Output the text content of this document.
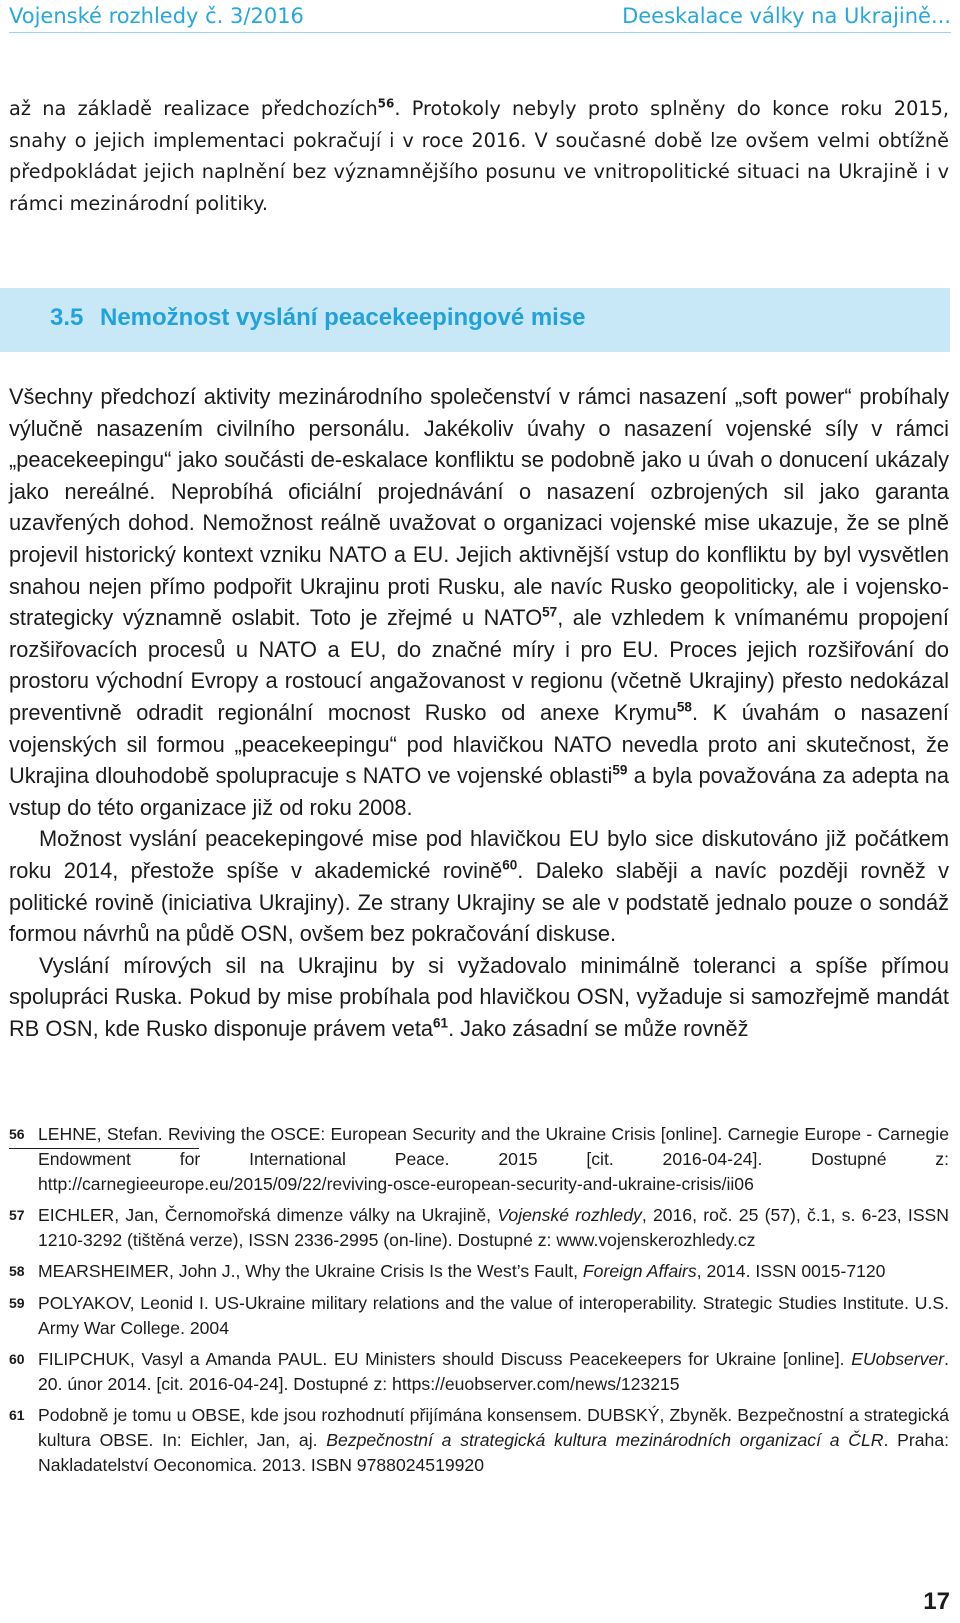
Vojenské rozhledy č. 3/2016	Deeskalace války na Ukrajině...

až na základě realizace předchozích$^{56}$. Protokoly nebyly proto splněny do konce roku 2015, snahy o jejich implementaci pokračují i v roce 2016. V současné době lze ovšem velmi obtížně předpokládat jejich naplnění bez významnějšího posunu ve vnitropolitické situaci na Ukrajině i v rámci mezinárodní politiky.

3.5 Nemožnost vyslání peacekeepingové mise

Všechny předchozí aktivity mezinárodního společenství v rámci nasazení „soft power“ probíhaly výlučně nasazením civilního personálu. Jakékoliv úvahy o nasazení vojenské síly v rámci „peacekeepingu“ jako součásti de-eskalace konfliktu se podobně jako u úvah o donucení ukázaly jako nereálné. Neprobíhá oficiální projednávání o nasazení ozbrojených sil jako garanta uzavřených dohod. Nemožnost reálně uvažovat o organizaci vojenské mise ukazuje, že se plně projevil historický kontext vzniku NATO a EU. Jejich aktivnější vstup do konfliktu by byl vysvětlen snahou nejen přímo podpořit Ukrajinu proti Rusku, ale navíc Rusko geopoliticky, ale i vojensko-strategicky významně oslabit. Toto je zřejmé u NATO$^{57}$, ale vzhledem k vnímanému propojení rozšiřovacích procesů u NATO a EU, do značné míry i pro EU. Proces jejich rozšiřování do prostoru východní Evropy a rostoucí angažovanost v regionu (včetně Ukrajiny) přesto nedokázal preventivně odradit regionální mocnost Rusko od anexe Krymu$^{58}$. K úvahám o nasazení vojenských sil formou „peacekeepingu“ pod hlavičkou NATO nevedla proto ani skutečnost, že Ukrajina dlouhodobě spolupracuje s NATO ve vojenské oblasti$^{59}$ a byla považována za adepta na vstup do této organizace již od roku 2008.

Možnost vyslání peacekepingové mise pod hlavičkou EU bylo sice diskutováno již počátkem roku 2014, přestože spíše v akademické rovině$^{60}$. Daleko slaběji a navíc později rovněž v politické rovině (iniciativa Ukrajiny). Ze strany Ukrajiny se ale v podstatě jednalo pouze o sondáž formou návrhů na půdě OSN, ovšem bez pokračování diskuse.

Vyslání mírových sil na Ukrajinu by si vyžadovalo minimálně toleranci a spíše přímou spolupráci Ruska. Pokud by mise probíhala pod hlavičkou OSN, vyžaduje si samozřejmě mandát RB OSN, kde Rusko disponuje právem veta$^{61}$. Jako zásadní se může rovněž

56 LEHNE, Stefan. Reviving the OSCE: European Security and the Ukraine Crisis [online]. Carnegie Europe - Carnegie Endowment for International Peace. 2015 [cit. 2016-04-24]. Dostupné z: http://carnegieeurope.eu/2015/09/22/reviving-osce-european-security-and-ukraine-crisis/ii06
57 EICHLER, Jan, Černomořská dimenze války na Ukrajině, Vojenské rozhledy, 2016, roč. 25 (57), č.1, s. 6-23, ISSN 1210-3292 (tištěná verze), ISSN 2336-2995 (on-line). Dostupné z: www.vojenskerozhledy.cz
58 MEARSHEIMER, John J., Why the Ukraine Crisis Is the West’s Fault, Foreign Affairs, 2014. ISSN 0015-7120
59 POLYAKOV, Leonid I. US-Ukraine military relations and the value of interoperability. Strategic Studies Institute. U.S. Army War College. 2004
60 FILIPCHUK, Vasyl a Amanda PAUL. EU Ministers should Discuss Peacekeepers for Ukraine [online]. EUobserver. 20. únor 2014. [cit. 2016-04-24]. Dostupné z: https://euobserver.com/news/123215
61 Podobně je tomu u OBSE, kde jsou rozhodnutí přijímána konsensem. DUBSKÝ, Zbyněk. Bezpečnostní a strategická kultura OBSE. In: Eichler, Jan, aj. Bezpečnostní a strategická kultura mezinárodních organizací a ČLR. Praha: Nakladatelství Oeconomica. 2013. ISBN 9788024519920
17
